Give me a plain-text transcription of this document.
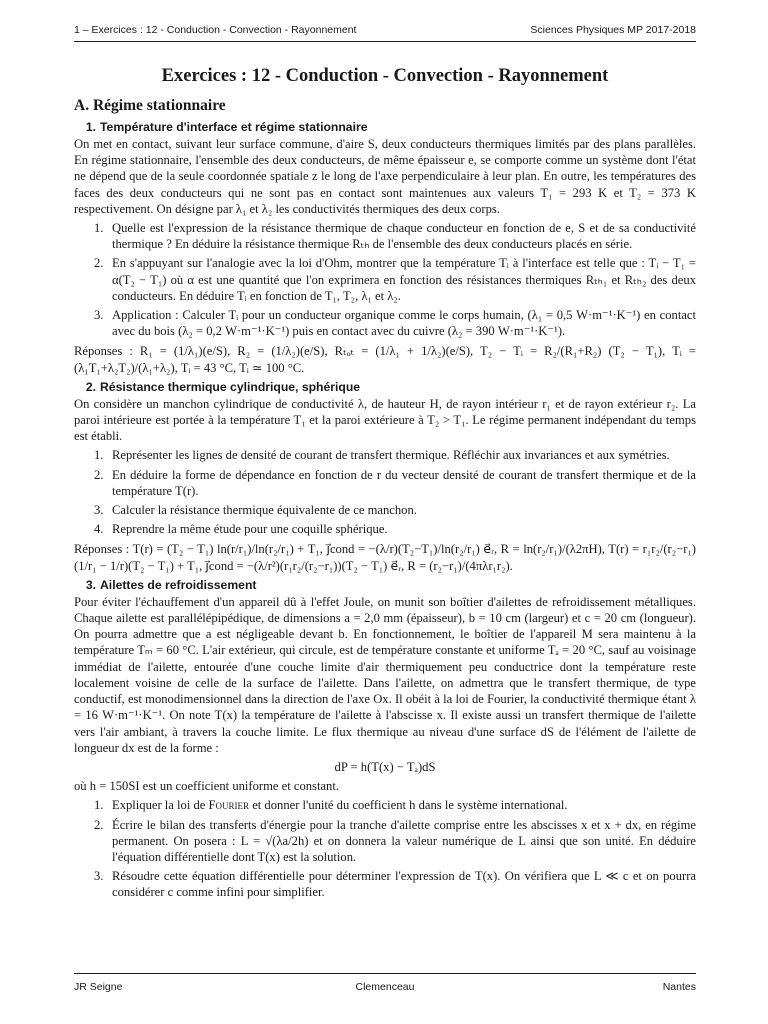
1 – Exercices : 12 - Conduction - Convection - Rayonnement	Sciences Physiques MP 2017-2018
Exercices : 12 - Conduction - Convection - Rayonnement
A. Régime stationnaire
1. Température d'interface et régime stationnaire

On met en contact, suivant leur surface commune, d'aire S, deux conducteurs thermiques limités par des plans parallèles. En régime stationnaire, l'ensemble des deux conducteurs, de même épaisseur e, se comporte comme un système dont l'état ne dépend que de la seule coordonnée spatiale z le long de l'axe perpendiculaire à leur plan. En outre, les températures des faces des deux conducteurs qui ne sont pas en contact sont maintenues aux valeurs T₁ = 293 K et T₂ = 373 K respectivement. On désigne par λ₁ et λ₂ les conductivités thermiques des deux corps.

1. Quelle est l'expression de la résistance thermique de chaque conducteur en fonction de e, S et de sa conductivité thermique ? En déduire la résistance thermique Rₜₕ de l'ensemble des deux conducteurs placés en série.
2. En s'appuyant sur l'analogie avec la loi d'Ohm, montrer que la température Tᵢ à l'interface est telle que : Tᵢ − T₁ = α(T₂ − T₁) où α est une quantité que l'on exprimera en fonction des résistances thermiques Rₜₕ₁ et Rₜₕ₂ des deux conducteurs. En déduire Tᵢ en fonction de T₁, T₂, λ₁ et λ₂.
3. Application : Calculer Tᵢ pour un conducteur organique comme le corps humain, (λ₁ = 0,5 W·m⁻¹·K⁻¹) en contact avec du bois (λ₂ = 0,2 W·m⁻¹·K⁻¹) puis en contact avec du cuivre (λ₂ = 390 W·m⁻¹·K⁻¹).

Réponses : R₁ = (1/λ₁)(e/S), R₂ = (1/λ₂)(e/S), Rₜₒₜ = (1/λ₁ + 1/λ₂)(e/S), T₂ − Tᵢ = R₂/(R₁+R₂) (T₂ − T₁), Tᵢ = (λ₁T₁+λ₂T₂)/(λ₁+λ₂), Tᵢ = 43 °C, Tᵢ ≃ 100 °C.

2. Résistance thermique cylindrique, sphérique

On considère un manchon cylindrique de conductivité λ, de hauteur H, de rayon intérieur r₁ et de rayon extérieur r₂. La paroi intérieure est portée à la température T₁ et la paroi extérieure à T₂ > T₁. Le régime permanent indépendant du temps est établi.

1. Représenter les lignes de densité de courant de transfert thermique. Réfléchir aux invariances et aux symétries.
2. En déduire la forme de dépendance en fonction de r du vecteur densité de courant de transfert thermique et de la température T(r).
3. Calculer la résistance thermique équivalente de ce manchon.
4. Reprendre la même étude pour une coquille sphérique.

Réponses : T(r) = (T₂ − T₁) ln(r/r₁)/ln(r₂/r₁) + T₁, j⃗cond = −(λ/r)(T₂−T₁)/ln(r₂/r₁) e⃗ᵣ, R = ln(r₂/r₁)/(λ2πH), T(r) = r₁r₂/(r₂−r₁) (1/r₁ − 1/r)(T₂ − T₁) + T₁, j⃗cond = −(λ/r²)(r₁r₂/(r₂−r₁))(T₂ − T₁) e⃗ᵣ, R = (r₂−r₁)/(4πλr₁r₂).

3. Ailettes de refroidissement

Pour éviter l'échauffement d'un appareil dû à l'effet Joule, on munit son boîtier d'ailettes de refroidissement métalliques. Chaque ailette est parallélépipédique, de dimensions a = 2,0 mm (épaisseur), b = 10 cm (largeur) et c = 20 cm (longueur). On pourra admettre que a est négligeable devant b. En fonctionnement, le boîtier de l'appareil M sera maintenu à la température Tₘ = 60 °C. L'air extérieur, qui circule, est de température constante et uniforme Tₐ = 20 °C, sauf au voisinage immédiat de l'ailette, entourée d'une couche limite d'air thermiquement peu conductrice dont la température reste localement voisine de celle de la surface de l'ailette. Dans l'ailette, on admettra que le transfert thermique, de type conductif, est monodimensionnel dans la direction de l'axe Ox. Il obéit à la loi de Fourier, la conductivité thermique étant λ = 16 W·m⁻¹·K⁻¹. On note T(x) la température de l'ailette à l'abscisse x. Il existe aussi un transfert thermique de l'ailette vers l'air ambiant, à travers la couche limite. Le flux thermique au niveau d'une surface dS de l'élément de l'ailette de longueur dx est de la forme :

dP = h(T(x) − Tₐ)dS

où h = 150SI est un coefficient uniforme et constant.

1. Expliquer la loi de Fourier et donner l'unité du coefficient h dans le système international.
2. Écrire le bilan des transferts d'énergie pour la tranche d'ailette comprise entre les abscisses x et x + dx, en régime permanent. On posera : L = √(λa/2h) et on donnera la valeur numérique de L ainsi que son unité. En déduire l'équation différentielle dont T(x) est la solution.
3. Résoudre cette équation différentielle pour déterminer l'expression de T(x). On vérifiera que L ≪ c et on pourra considérer c comme infini pour simplifier.
JR Seigne	Clemenceau	Nantes
